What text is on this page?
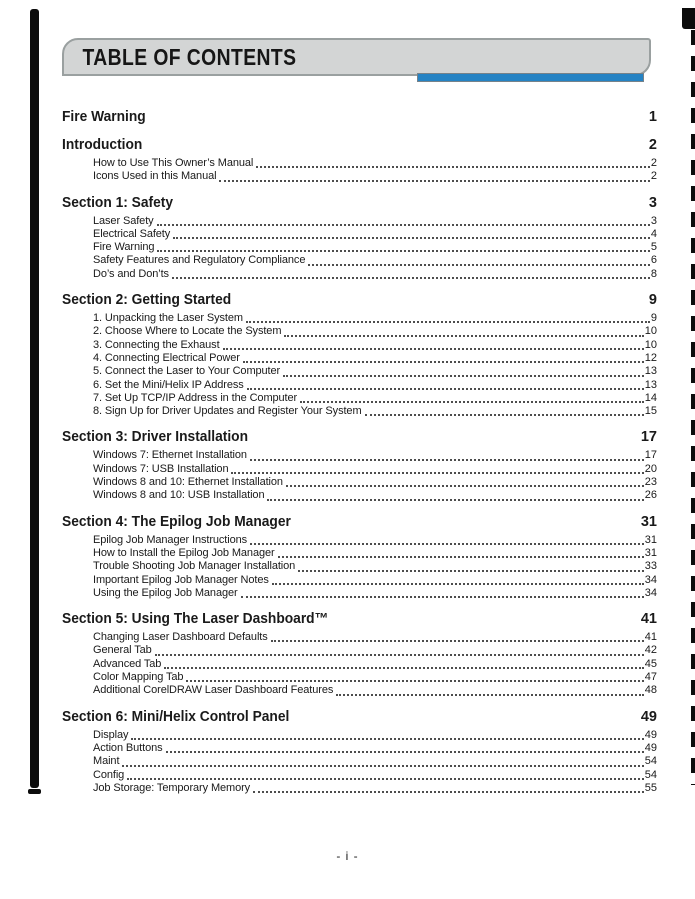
TABLE OF CONTENTS
Fire Warning	1
Introduction	2
How to Use This Owner’s Manual	2
Icons Used in this Manual	2
Section 1: Safety	3
Laser Safety	3
Electrical Safety	4
Fire Warning	5
Safety Features and Regulatory Compliance	6
Do’s and Don’ts	8
Section 2: Getting Started	9
1. Unpacking the Laser System	9
2. Choose Where to Locate the System	10
3. Connecting the Exhaust	10
4. Connecting Electrical Power	12
5. Connect the Laser to Your Computer	13
6. Set the Mini/Helix IP Address	13
7. Set Up TCP/IP Address in the Computer	14
8. Sign Up for Driver Updates and Register Your System	15
Section 3: Driver Installation	17
Windows 7: Ethernet Installation	17
Windows 7: USB Installation	20
Windows 8 and 10: Ethernet Installation	23
Windows 8 and 10: USB Installation	26
Section 4: The Epilog Job Manager	31
Epilog Job Manager Instructions	31
How to Install the Epilog Job Manager	31
Trouble Shooting Job Manager Installation	33
Important Epilog Job Manager Notes	34
Using the Epilog Job Manager	34
Section 5: Using The Laser Dashboard™	41
Changing Laser Dashboard Defaults	41
General Tab	42
Advanced Tab	45
Color Mapping Tab	47
Additional CorelDRAW Laser Dashboard Features	48
Section 6: Mini/Helix Control Panel	49
Display	49
Action Buttons	49
Maint	54
Config	54
Job Storage: Temporary Memory	55
- i -
